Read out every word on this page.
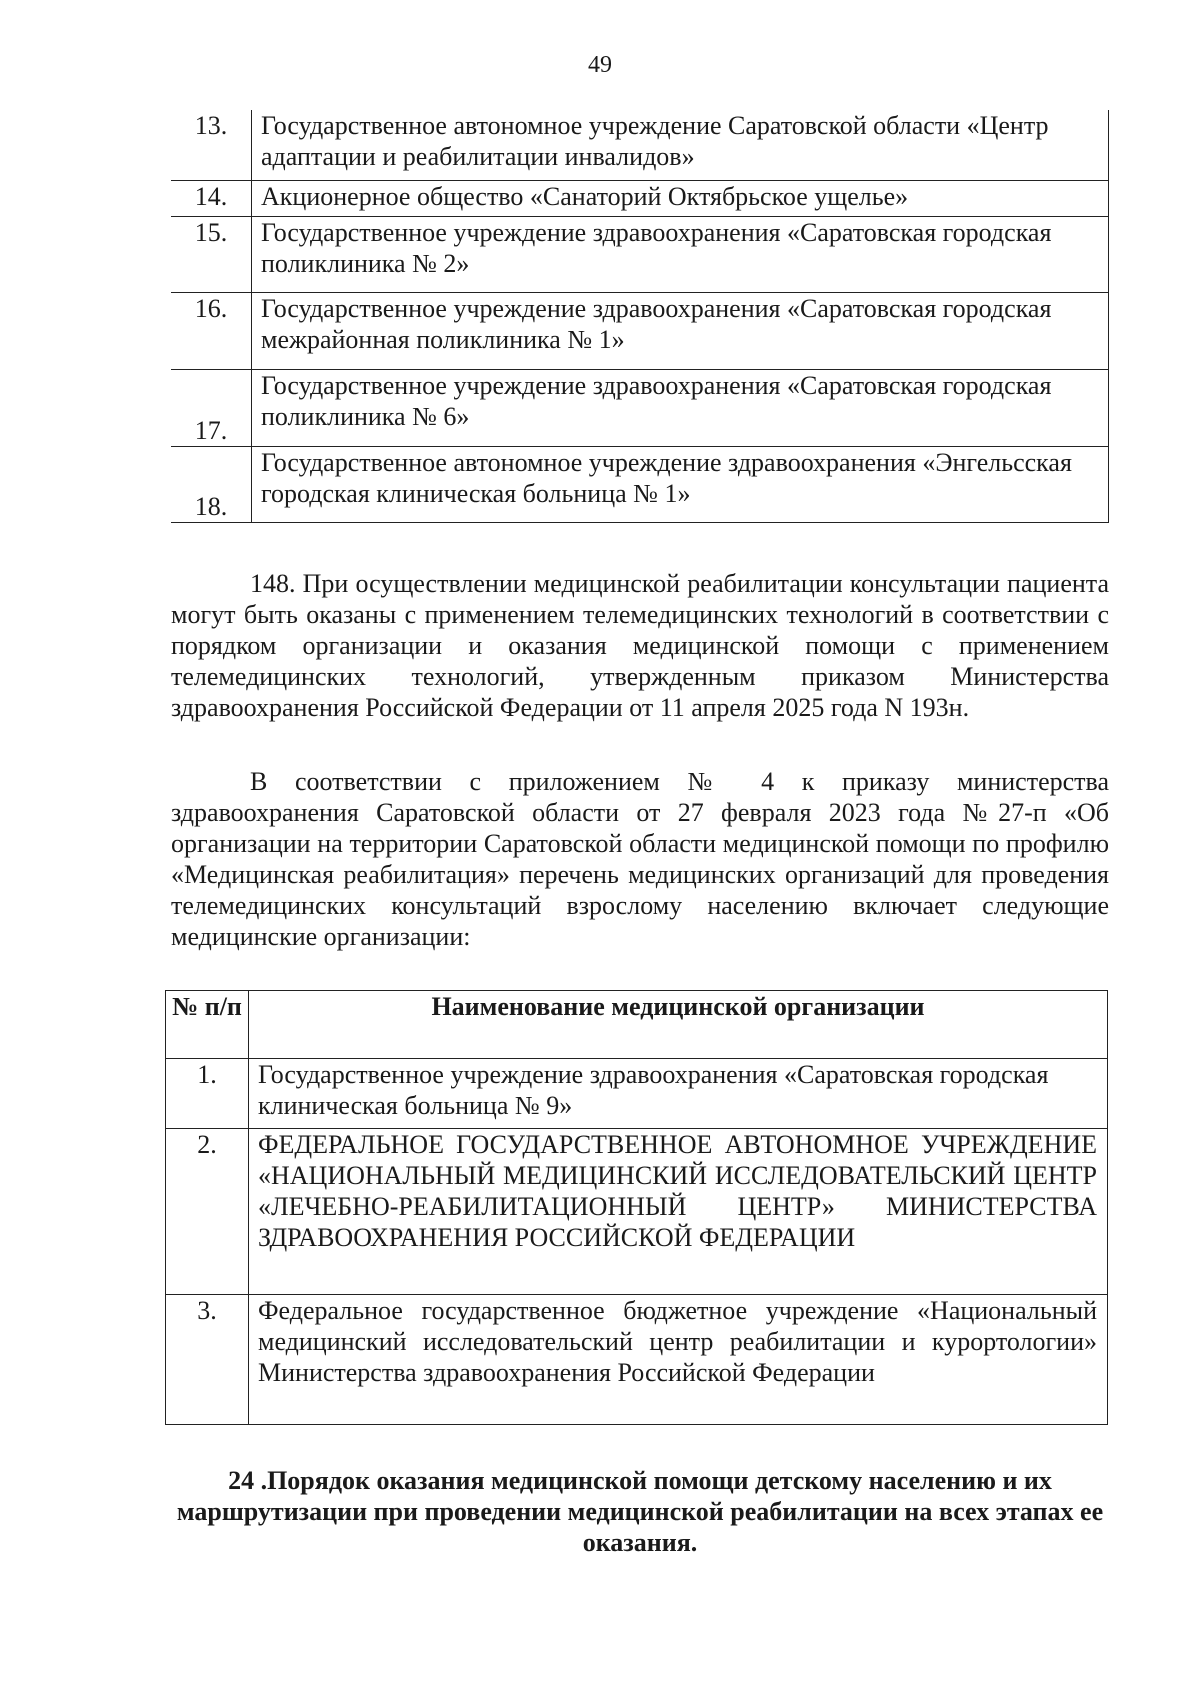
49
13.	Государственное автономное учреждение Саратовской области «Центр адаптации и реабилитации инвалидов»
14.	Акционерное общество «Санаторий Октябрьское ущелье»
15.	Государственное учреждение здравоохранения «Саратовская городская поликлиника № 2»
16.	Государственное учреждение здравоохранения «Саратовская городская межрайонная поликлиника № 1»
17.	Государственное учреждение здравоохранения «Саратовская городская поликлиника № 6»
18.	Государственное автономное учреждение здравоохранения «Энгельсская городская клиническая больница № 1»

148. При осуществлении медицинской реабилитации консультации пациента могут быть оказаны с применением телемедицинских технологий в соответствии с порядком организации и оказания медицинской помощи с применением телемедицинских технологий, утвержденным приказом Министерства здравоохранения Российской Федерации от 11 апреля 2025 года N 193н.

В соответствии с приложением № 4 к приказу министерства здравоохранения Саратовской области от 27 февраля 2023 года №27-п «Об организации на территории Саратовской области медицинской помощи по профилю «Медицинская реабилитация» перечень медицинских организаций для проведения телемедицинских консультаций взрослому населению включает следующие медицинские организации:

№ п/п	Наименование медицинской организации
1.	Государственное учреждение здравоохранения «Саратовская городская клиническая больница № 9»
2.	ФЕДЕРАЛЬНОЕ ГОСУДАРСТВЕННОЕ АВТОНОМНОЕ УЧРЕЖДЕНИЕ «НАЦИОНАЛЬНЫЙ МЕДИЦИНСКИЙ ИССЛЕДОВАТЕЛЬСКИЙ ЦЕНТР «ЛЕЧЕБНО-РЕАБИЛИТАЦИОННЫЙ ЦЕНТР» МИНИСТЕРСТВА ЗДРАВООХРАНЕНИЯ РОССИЙСКОЙ ФЕДЕРАЦИИ
3.	Федеральное государственное бюджетное учреждение «Национальный медицинский исследовательский центр реабилитации и курортологии» Министерства здравоохранения Российской Федерации

24 .Порядок оказания медицинской помощи детскому населению и их маршрутизации при проведении медицинской реабилитации на всех этапах ее оказания.
